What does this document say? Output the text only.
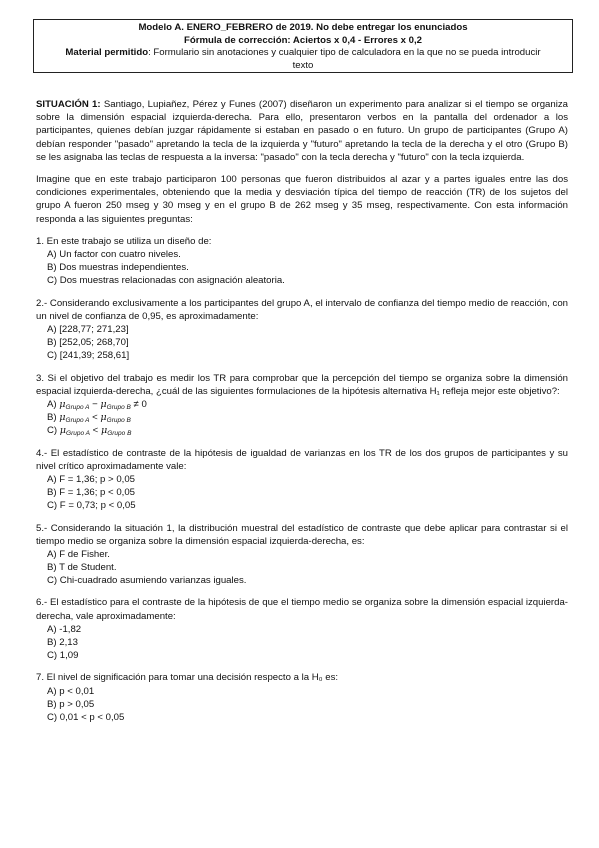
Modelo A. ENERO_FEBRERO de 2019. No debe entregar los enunciados
Fórmula de corrección: Aciertos x 0,4 - Errores x 0,2
Material permitido: Formulario sin anotaciones y cualquier tipo de calculadora en la que no se pueda introducir
texto

SITUACIÓN 1: Santiago, Lupiañez, Pérez y Funes (2007) diseñaron un experimento para analizar si el tiempo se organiza sobre la dimensión espacial izquierda-derecha. Para ello, presentaron verbos en la pantalla del ordenador a los participantes, quienes debían juzgar rápidamente si estaban en pasado o en futuro. Un grupo de participantes (Grupo A) debían responder "pasado" apretando la tecla de la izquierda y "futuro" apretando la tecla de la derecha y el otro (Grupo B) se les asignaba las teclas de respuesta a la inversa: "pasado" con la tecla derecha y "futuro" con la tecla izquierda.

Imagine que en este trabajo participaron 100 personas que fueron distribuidos al azar y a partes iguales entre las dos condiciones experimentales, obteniendo que la media y desviación típica del tiempo de reacción (TR) de los sujetos del grupo A fueron 250 mseg y 30 mseg y en el grupo B de 262 mseg y 35 mseg, respectivamente. Con esta información responda a las siguientes preguntas:

1. En este trabajo se utiliza un diseño de:
A) Un factor con cuatro niveles.
B) Dos muestras independientes.
C) Dos muestras relacionadas con asignación aleatoria.
2.- Considerando exclusivamente a los participantes del grupo A, el intervalo de confianza del tiempo medio de reacción, con un nivel de confianza de 0,95, es aproximadamente:
A) [228,77; 271,23]
B) [252,05; 268,70]
C) [241,39; 258,61]
3. Si el objetivo del trabajo es medir los TR para comprobar que la percepción del tiempo se organiza sobre la dimensión espacial izquierda-derecha, ¿cuál de las siguientes formulaciones de la hipótesis alternativa H₁ refleja mejor este objetivo?:
A) $\mu_{Grupo A} - \mu_{Grupo B} \ne 0$
B) $\mu_{Grupo A} < \mu_{Grupo B}$
C) $\mu_{Grupo A} < \mu_{Grupo B}$
4.- El estadístico de contraste de la hipótesis de igualdad de varianzas en los TR de los dos grupos de participantes y su nivel crítico aproximadamente vale:
A) F = 1,36; p > 0,05
B) F = 1,36; p < 0,05
C) F = 0,73; p < 0,05
5.- Considerando la situación 1, la distribución muestral del estadístico de contraste que debe aplicar para contrastar si el tiempo medio se organiza sobre la dimensión espacial izquierda-derecha, es:
A) F de Fisher.
B) T de Student.
C) Chi-cuadrado asumiendo varianzas iguales.
6.- El estadístico para el contraste de la hipótesis de que el tiempo medio se organiza sobre la dimensión espacial izquierda-derecha, vale aproximadamente:
A) -1,82
B) 2,13
C) 1,09
7. El nivel de significación para tomar una decisión respecto a la H₀ es:
A) p < 0,01
B) p > 0,05
C) 0,01 < p < 0,05
